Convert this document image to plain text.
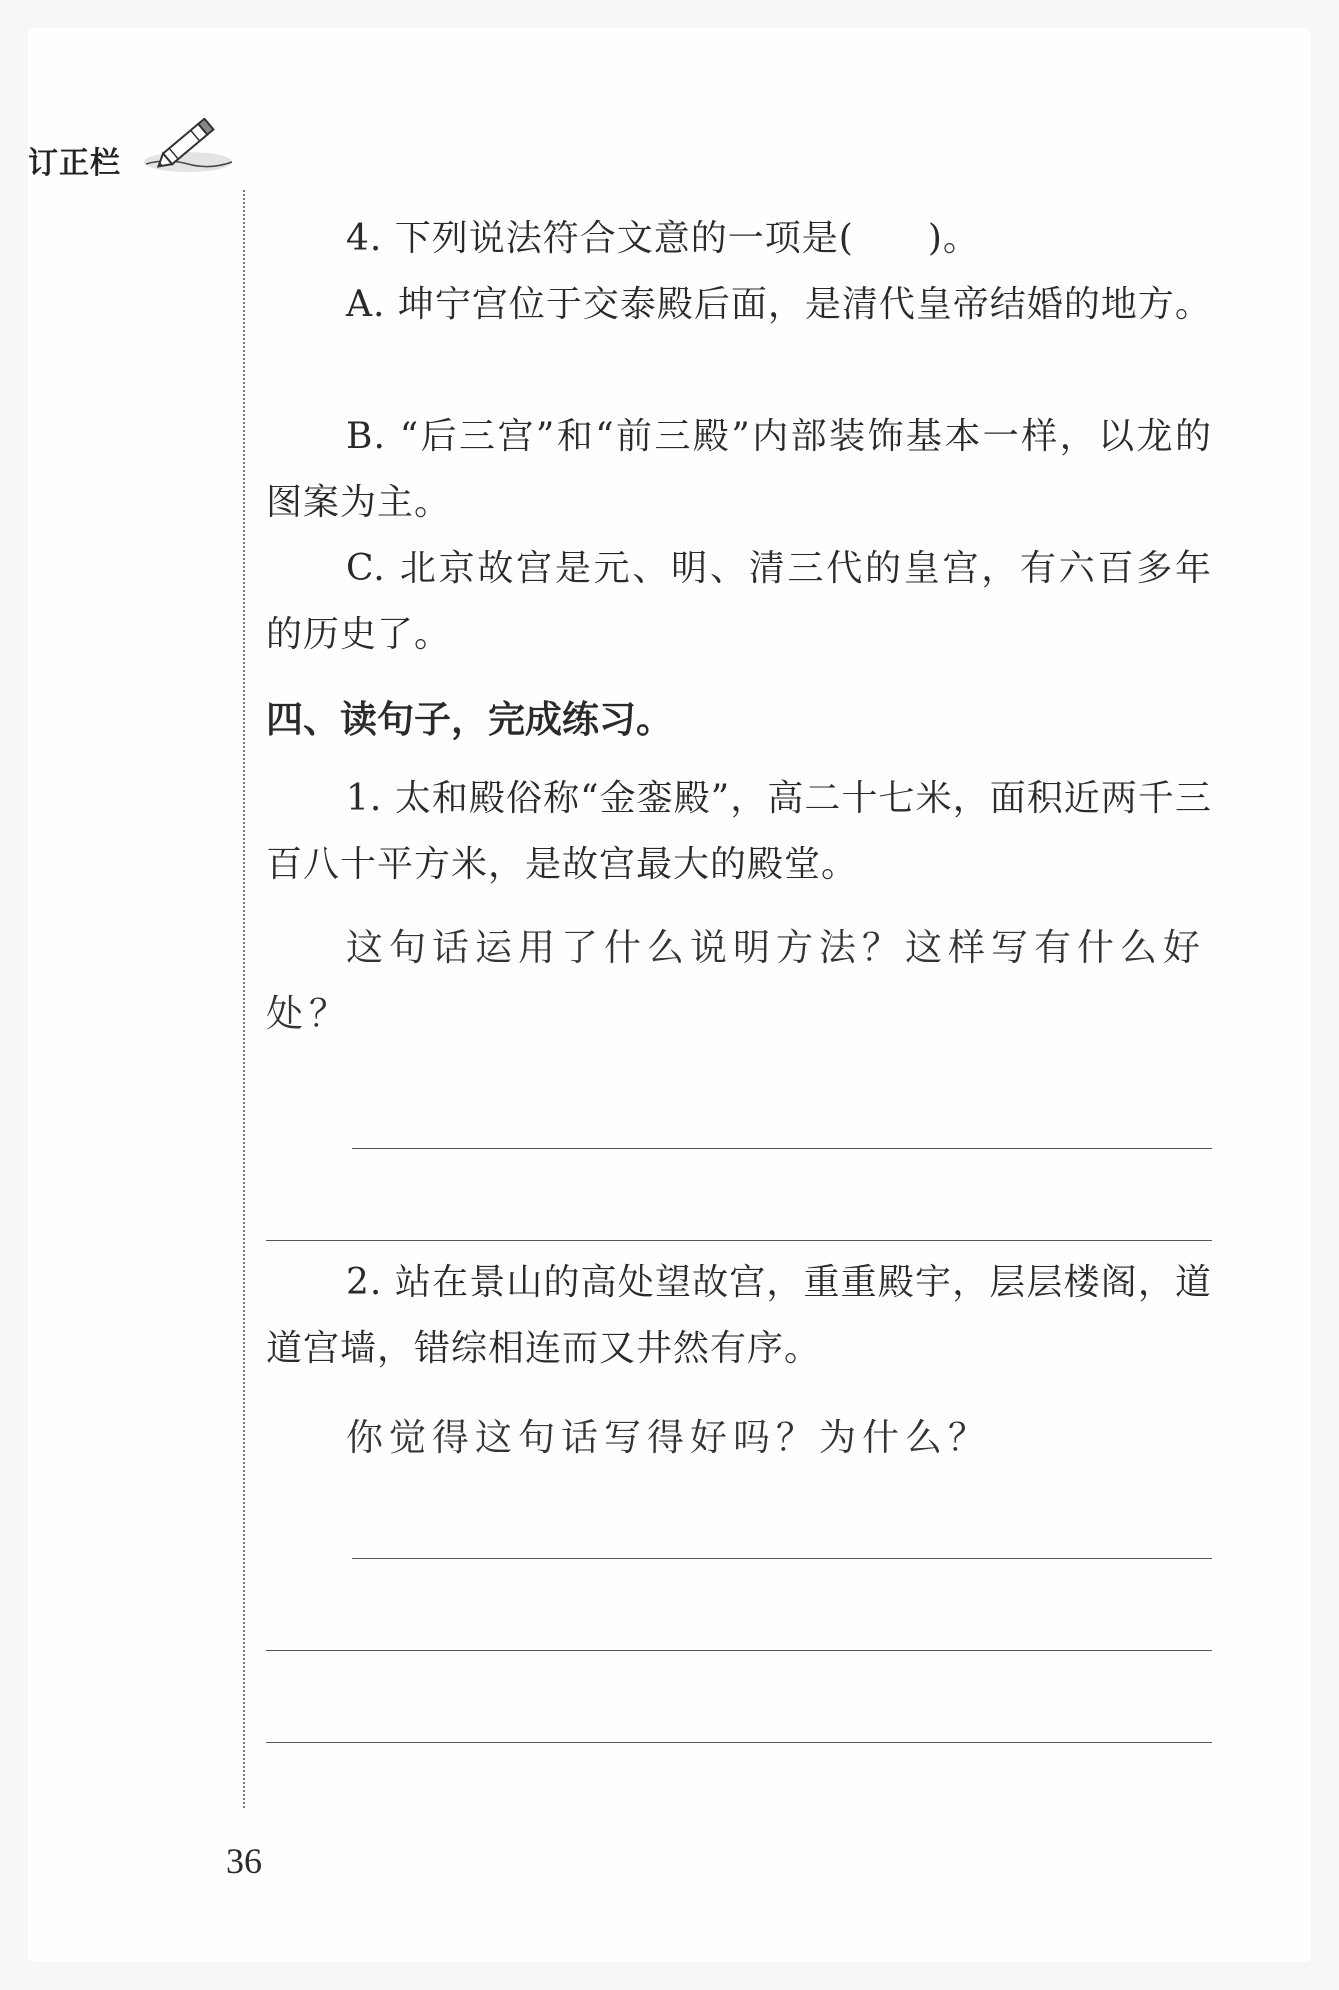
订正栏
4. 下列说法符合文意的一项是(　　)。
A. 坤宁宫位于交泰殿后面，是清代皇帝结婚的地方。
B. “后三宫”和“前三殿”内部装饰基本一样，以龙的图案为主。
C. 北京故宫是元、明、清三代的皇宫，有六百多年的历史了。
四、读句子，完成练习。
1. 太和殿俗称“金銮殿”，高二十七米，面积近两千三百八十平方米，是故宫最大的殿堂。
这句话运用了什么说明方法？这样写有什么好处？
2. 站在景山的高处望故宫，重重殿宇，层层楼阁，道道宫墙，错综相连而又井然有序。
你觉得这句话写得好吗？为什么？
36
